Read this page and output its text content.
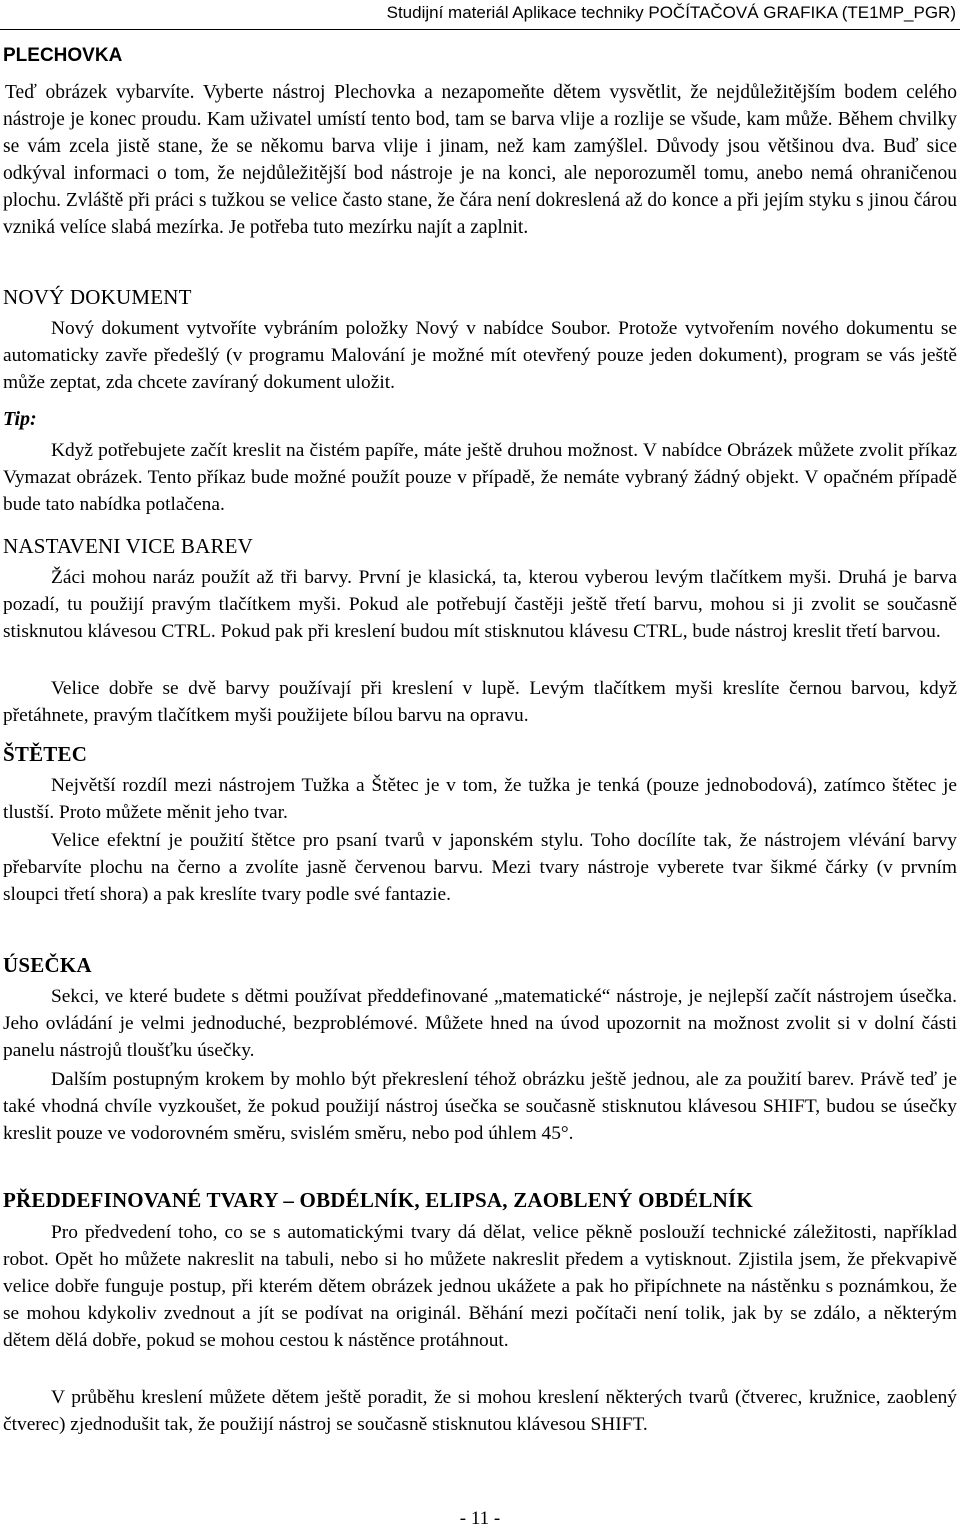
Studijní materiál Aplikace techniky POČÍTAČOVÁ GRAFIKA (TE1MP_PGR)
PLECHOVKA

Teď obrázek vybarvíte. Vyberte nástroj Plechovka a nezapomeňte dětem vysvětlit, že nejdůležitějším bodem celého nástroje je konec proudu. Kam uživatel umístí tento bod, tam se barva vlije a rozlije se všude, kam může. Během chvilky se vám zcela jistě stane, že se někomu barva vlije i jinam, než kam zamýšlel. Důvody jsou většinou dva. Buď sice odkýval informaci o tom, že nejdůležitější bod nástroje je na konci, ale neporozuměl tomu, anebo nemá ohraničenou plochu. Zvláště při práci s tužkou se velice často stane, že čára není dokreslená až do konce a při jejím styku s jinou čárou vzniká velíce slabá mezírka. Je potřeba tuto mezírku najít a zaplnit.

NOVÝ DOKUMENT

Nový dokument vytvoříte vybráním položky Nový v nabídce Soubor. Protože vytvořením nového dokumentu se automaticky zavře předešlý (v programu Malování je možné mít otevřený pouze jeden dokument), program se vás ještě může zeptat, zda chcete zavíraný dokument uložit.

Tip:

Když potřebujete začít kreslit na čistém papíře, máte ještě druhou možnost. V nabídce Obrázek můžete zvolit příkaz Vymazat obrázek. Tento příkaz bude možné použít pouze v případě, že nemáte vybraný žádný objekt. V opačném případě bude tato nabídka potlačena.

NASTAVENI VICE BAREV

Žáci mohou naráz použít až tři barvy. První je klasická, ta, kterou vyberou levým tlačítkem myši. Druhá je barva pozadí, tu použijí pravým tlačítkem myši. Pokud ale potřebují častěji ještě třetí barvu, mohou si ji zvolit se současně stisknutou klávesou CTRL. Pokud pak při kreslení budou mít stisknutou klávesu CTRL, bude nástroj kreslit třetí barvou.

Velice dobře se dvě barvy používají při kreslení v lupě. Levým tlačítkem myši kreslíte černou barvou, když přetáhnete, pravým tlačítkem myši použijete bílou barvu na opravu.

ŠTĚTEC

Největší rozdíl mezi nástrojem Tužka a Štětec je v tom, že tužka je tenká (pouze jednobodová), zatímco štětec je tlustší. Proto můžete měnit jeho tvar.

Velice efektní je použití štětce pro psaní tvarů v japonském stylu. Toho docílíte tak, že nástrojem vlévání barvy přebarvíte plochu na černo a zvolíte jasně červenou barvu. Mezi tvary nástroje vyberete tvar šikmé čárky (v prvním sloupci třetí shora) a pak kreslíte tvary podle své fantazie.

ÚSEČKA

Sekci, ve které budete s dětmi používat předdefinované „matematické“ nástroje, je nejlepší začít nástrojem úsečka. Jeho ovládání je velmi jednoduché, bezproblémové. Můžete hned na úvod upozornit na možnost zvolit si v dolní části panelu nástrojů tloušťku úsečky.

Dalším postupným krokem by mohlo být překreslení téhož obrázku ještě jednou, ale za použití barev. Právě teď je také vhodná chvíle vyzkoušet, že pokud použijí nástroj úsečka se současně stisknutou klávesou SHIFT, budou se úsečky kreslit pouze ve vodorovném směru, svislém směru, nebo pod úhlem 45°.

PŘEDDEFINOVANÉ TVARY – OBDÉLNÍK, ELIPSA, ZAOBLENÝ OBDÉLNÍK

Pro předvedení toho, co se s automatickými tvary dá dělat, velice pěkně poslouží technické záležitosti, například robot. Opět ho můžete nakreslit na tabuli, nebo si ho můžete nakreslit předem a vytisknout. Zjistila jsem, že překvapivě velice dobře funguje postup, při kterém dětem obrázek jednou ukážete a pak ho připíchnete na nástěnku s poznámkou, že se mohou kdykoliv zvednout a jít se podívat na originál. Běhání mezi počítači není tolik, jak by se zdálo, a některým dětem dělá dobře, pokud se mohou cestou k nástěnce protáhnout.

V průběhu kreslení můžete dětem ještě poradit, že si mohou kreslení některých tvarů (čtverec, kružnice, zaoblený čtverec) zjednodušit tak, že použijí nástroj se současně stisknutou klávesou SHIFT.

- 11 -
